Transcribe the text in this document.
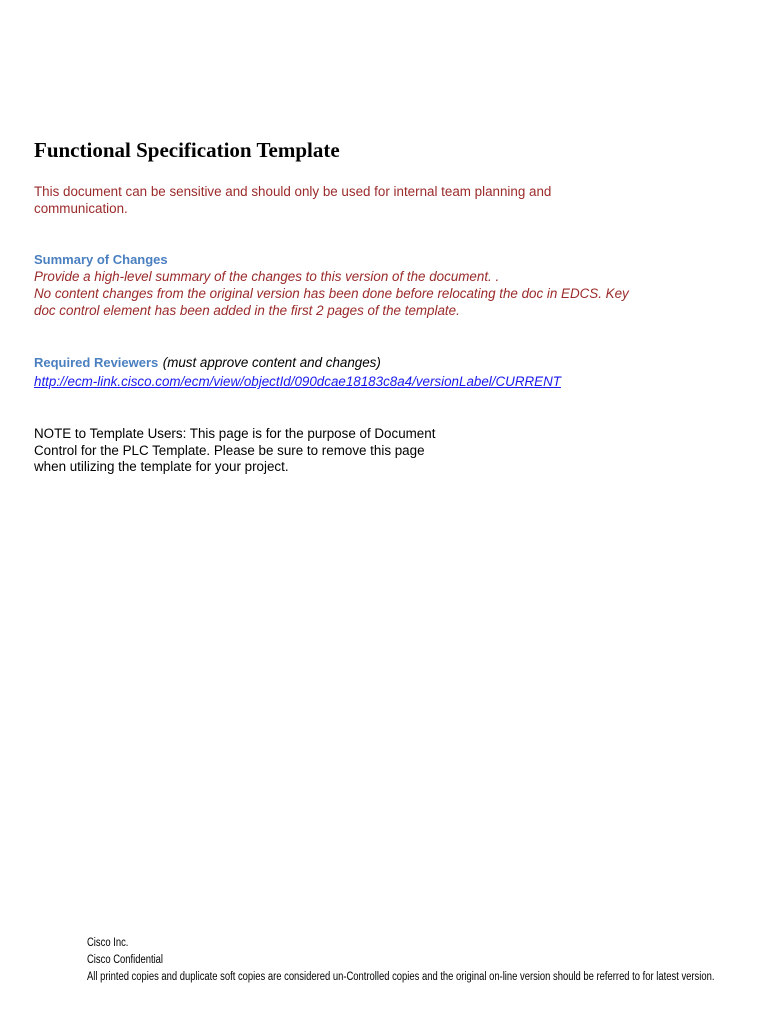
Functional Specification Template

This document can be sensitive and should only be used for internal team planning and communication.

Summary of Changes
Provide a high-level summary of the changes to this version of the document. .
No content changes from the original version has been done before relocating the doc in EDCS. Key
doc control element has been added in the first 2 pages of the template.
Required Reviewers (must approve content and changes)
http://ecm-link.cisco.com/ecm/view/objectId/090dcae18183c8a4/versionLabel/CURRENT
NOTE to Template Users: This page is for the purpose of Document
Control for the PLC Template. Please be sure to remove this page
when utilizing the template for your project.
Cisco Inc.
Cisco Confidential
All printed copies and duplicate soft copies are considered un-Controlled copies and the original on-line version should be referred to for latest version.
